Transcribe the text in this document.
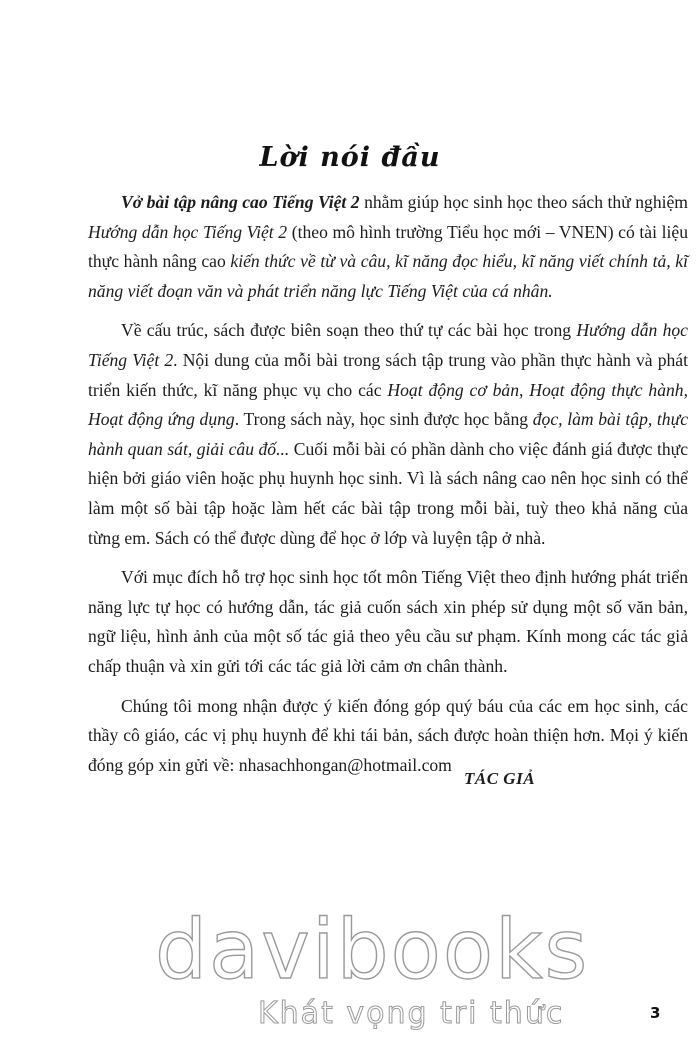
Lời nói đầu

Vở bài tập nâng cao Tiếng Việt 2 nhằm giúp học sinh học theo sách thử nghiệm Hướng dẫn học Tiếng Việt 2 (theo mô hình trường Tiểu học mới – VNEN) có tài liệu thực hành nâng cao kiến thức về từ và câu, kĩ năng đọc hiểu, kĩ năng viết chính tả, kĩ năng viết đoạn văn và phát triển năng lực Tiếng Việt của cá nhân.

Về cấu trúc, sách được biên soạn theo thứ tự các bài học trong Hướng dẫn học Tiếng Việt 2. Nội dung của mỗi bài trong sách tập trung vào phần thực hành và phát triển kiến thức, kĩ năng phục vụ cho các Hoạt động cơ bản, Hoạt động thực hành, Hoạt động ứng dụng. Trong sách này, học sinh được học bằng đọc, làm bài tập, thực hành quan sát, giải câu đố... Cuối mỗi bài có phần dành cho việc đánh giá được thực hiện bởi giáo viên hoặc phụ huynh học sinh. Vì là sách nâng cao nên học sinh có thể làm một số bài tập hoặc làm hết các bài tập trong mỗi bài, tuỳ theo khả năng của từng em. Sách có thể được dùng để học ở lớp và luyện tập ở nhà.

Với mục đích hỗ trợ học sinh học tốt môn Tiếng Việt theo định hướng phát triển năng lực tự học có hướng dẫn, tác giả cuốn sách xin phép sử dụng một số văn bản, ngữ liệu, hình ảnh của một số tác giả theo yêu cầu sư phạm. Kính mong các tác giả chấp thuận và xin gửi tới các tác giả lời cảm ơn chân thành.

Chúng tôi mong nhận được ý kiến đóng góp quý báu của các em học sinh, các thầy cô giáo, các vị phụ huynh để khi tái bản, sách được hoàn thiện hơn. Mọi ý kiến đóng góp xin gửi về: nhasachhongan@hotmail.com

TÁC GIẢ
davibooks
Khát vọng tri thức	3
